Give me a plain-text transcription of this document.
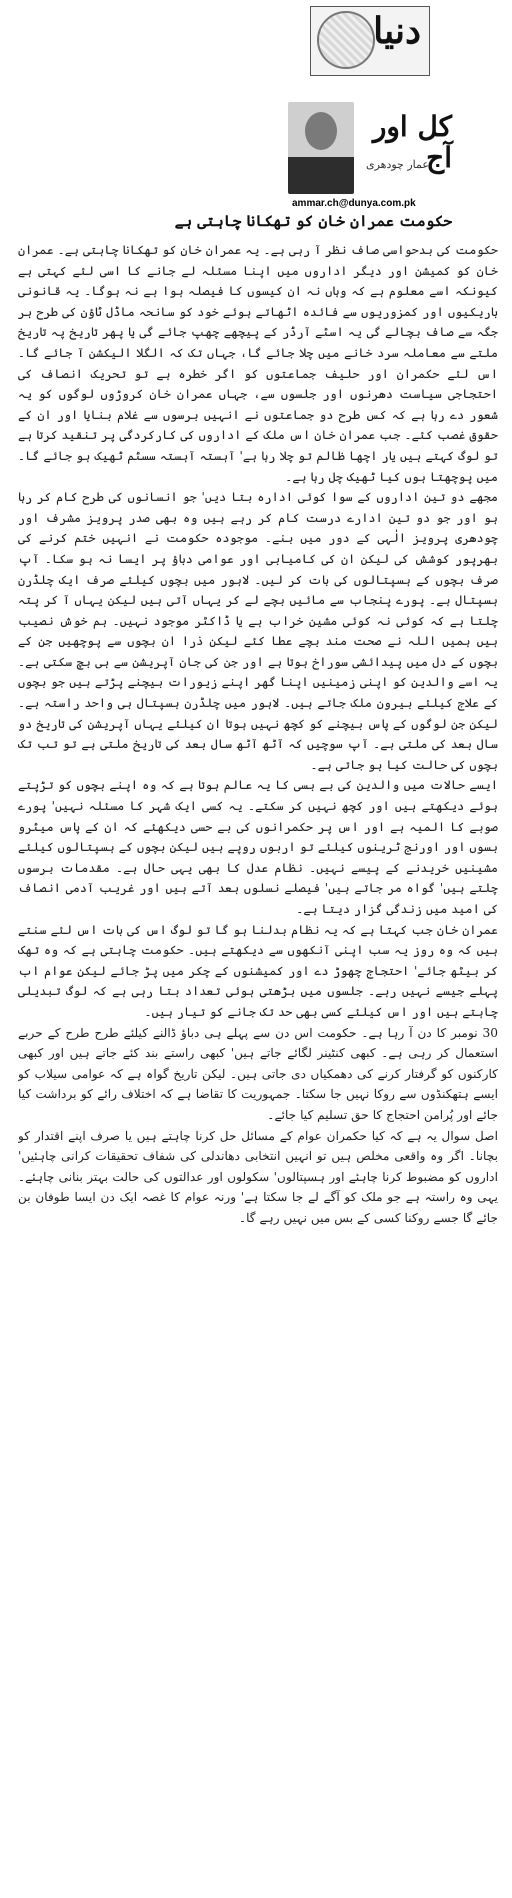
دنیا
کل اور آج
عمار چودھری
ammar.ch@dunya.com.pk
حکومت عمران خان کو تھکانا چاہتی ہے

حکومت کی بدحواسی صاف نظر آ رہی ہے۔ یہ عمران خان کو تھکانا چاہتی ہے۔ عمران خان کو کمیشن اور دیگر اداروں میں اپنا مسئلہ لے جانے کا اسی لئے کہتی ہے کیونکہ اسے معلوم ہے کہ وہاں نہ ان کیسوں کا فیصلہ ہوا ہے نہ ہوگا۔ یہ قانونی باریکیوں اور کمزوریوں سے فائدہ اٹھاتے ہوئے خود کو سانحہ ماڈل ٹاؤن کی طرح ہر جگہ سے صاف بچالے گی یہ اسٹے آرڈر کے پیچھے چھپ جائے گی یا پھر تاریخ پہ تاریخ ملتے سے معاملہ سرد خانے میں چلا جائے گا، جہاں تک کہ الگلا الیکشن آ جائے گا۔ اس لئے حکمران اور حلیف جماعتوں کو اگر خطرہ ہے تو تحریک انصاف کی احتجاجی سیاست دھرنوں اور جلسوں سے، جہاں عمران خان کروڑوں لوگوں کو یہ شعور دے رہا ہے کہ کس طرح دو جماعتوں نے انہیں برسوں سے غلام بنایا اور ان کے حقوق غصب کئے۔ جب عمران خان اس ملک کے اداروں کی کارکردگی پر تنقید کرتا ہے تو لوگ کہتے ہیں یار اچھا ظالم تو چلا رہا ہے' آہستہ آہستہ سسٹم ٹھیک ہو جائے گا۔ میں پوچھتا ہوں کیا ٹھیک چل رہا ہے۔

مجھے دو تین اداروں کے سوا کوئی ادارہ بتا دیں' جو انسانوں کی طرح کام کر رہا ہو اور جو دو تین ادارے درست کام کر رہے ہیں وہ بھی صدر پرویز مشرف اور چودھری پرویز الٰہی کے دور میں بنے۔ موجودہ حکومت نے انہیں ختم کرنے کی بھرپور کوشش کی لیکن ان کی کامیابی اور عوامی دباؤ پر ایسا نہ ہو سکا۔ آپ صرف بچوں کے ہسپتالوں کی بات کر لیں۔ لاہور میں بچوں کیلئے صرف ایک چلڈرن ہسپتال ہے۔ پورے پنجاب سے مائیں بچے لے کر یہاں آتی ہیں لیکن یہاں آ کر پتہ چلتا ہے کہ کوئی نہ کوئی مشین خراب ہے یا ڈاکٹر موجود نہیں۔ ہم خوش نصیب ہیں ہمیں اللہ نے صحت مند بچے عطا کئے لیکن ذرا ان بچوں سے پوچھیں جن کے بچوں کے دل میں پیدائشی سوراخ ہوتا ہے اور جن کی جان آپریشن سے ہی بچ سکتی ہے۔ یہ اسے والدین کو اپنی زمینیں اپنا گھر اپنے زیورات بیچنے پڑتے ہیں جو بچوں کے علاج کیلئے بیرون ملک جاتے ہیں۔ لاہور میں چلڈرن ہسپتال ہی واحد راستہ ہے۔ لیکن جن لوگوں کے پاس بیچنے کو کچھ نہیں ہوتا ان کیلئے یہاں آپریشن کی تاریخ دو سال بعد کی ملتی ہے۔ آپ سوچیں کہ آٹھ آٹھ سال بعد کی تاریخ ملتی ہے تو تب تک بچوں کی حالت کیا ہو جاتی ہے۔

ایسے حالات میں والدین کی بے بسی کا یہ عالم ہوتا ہے کہ وہ اپنے بچوں کو تڑپتے ہوئے دیکھتے ہیں اور کچھ نہیں کر سکتے۔ یہ کسی ایک شہر کا مسئلہ نہیں' پورے صوبے کا المیہ ہے اور اس پر حکمرانوں کی بے حسی دیکھئے کہ ان کے پاس میٹرو بسوں اور اورنج ٹرینوں کیلئے تو اربوں روپے ہیں لیکن بچوں کے ہسپتالوں کیلئے مشینیں خریدنے کے پیسے نہیں۔ نظام عدل کا بھی یہی حال ہے۔ مقدمات برسوں چلتے ہیں' گواہ مر جاتے ہیں' فیصلے نسلوں بعد آتے ہیں اور غریب آدمی انصاف کی امید میں زندگی گزار دیتا ہے۔

عمران خان جب کہتا ہے کہ یہ نظام بدلنا ہو گا تو لوگ اس کی بات اس لئے سنتے ہیں کہ وہ روز یہ سب اپنی آنکھوں سے دیکھتے ہیں۔ حکومت چاہتی ہے کہ وہ تھک کر بیٹھ جائے' احتجاج چھوڑ دے اور کمیشنوں کے چکر میں پڑ جائے لیکن عوام اب پہلے جیسے نہیں رہے۔ جلسوں میں بڑھتی ہوئی تعداد بتا رہی ہے کہ لوگ تبدیلی چاہتے ہیں اور اس کیلئے کسی بھی حد تک جانے کو تیار ہیں۔

30 نومبر کا دن آ رہا ہے۔ حکومت اس دن سے پہلے ہی دباؤ ڈالنے کیلئے طرح طرح کے حربے استعمال کر رہی ہے۔ کبھی کنٹینر لگائے جاتے ہیں' کبھی راستے بند کئے جاتے ہیں اور کبھی کارکنوں کو گرفتار کرنے کی دھمکیاں دی جاتی ہیں۔ لیکن تاریخ گواہ ہے کہ عوامی سیلاب کو ایسے ہتھکنڈوں سے روکا نہیں جا سکتا۔ جمہوریت کا تقاضا ہے کہ اختلاف رائے کو برداشت کیا جائے اور پُرامن احتجاج کا حق تسلیم کیا جائے۔

اصل سوال یہ ہے کہ کیا حکمران عوام کے مسائل حل کرنا چاہتے ہیں یا صرف اپنے اقتدار کو بچانا۔ اگر وہ واقعی مخلص ہیں تو انہیں انتخابی دھاندلی کی شفاف تحقیقات کرانی چاہئیں' اداروں کو مضبوط کرنا چاہئے اور ہسپتالوں' سکولوں اور عدالتوں کی حالت بہتر بنانی چاہئے۔ یہی وہ راستہ ہے جو ملک کو آگے لے جا سکتا ہے' ورنہ عوام کا غصہ ایک دن ایسا طوفان بن جائے گا جسے روکنا کسی کے بس میں نہیں رہے گا۔
